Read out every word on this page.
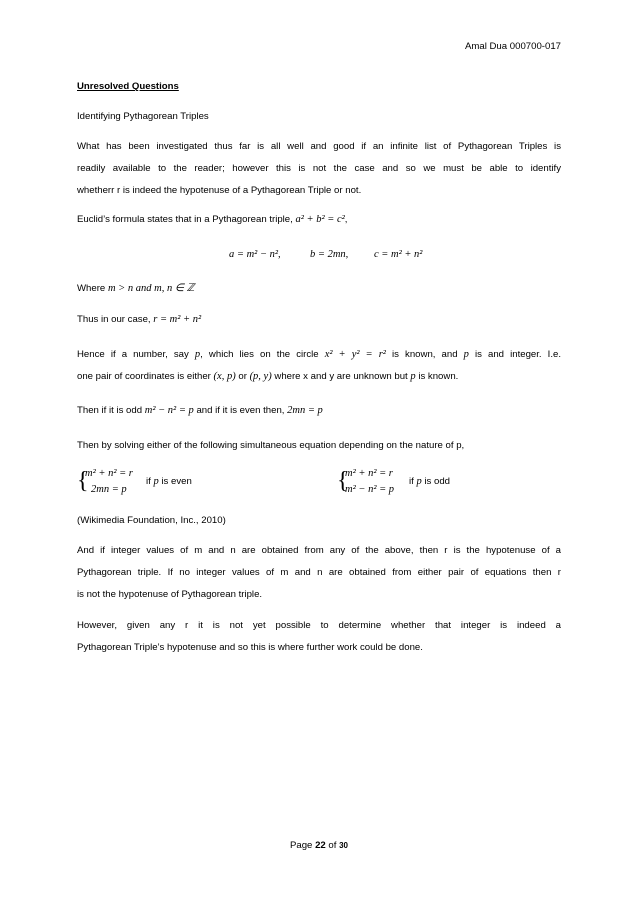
Amal Dua 000700-017
Unresolved Questions
Identifying Pythagorean Triples
What has been investigated thus far is all well and good if an infinite list of Pythagorean Triples is
readily available to the reader; however this is not the case and so we must be able to identify
whetherr r is indeed the hypotenuse of a Pythagorean Triple or not.
Euclid’s formula states that in a Pythagorean triple, a² + b² = c²,
a = m² − n²,	b = 2mn, c = m² + n²
Where m > n and m, n ∈ ℤ
Thus in our case, r = m² + n²
Hence if a number, say p, which lies on the circle x² + y² = r² is known, and p is and integer. I.e.
one pair of coordinates is either (x, p) or (p, y) where x and y are unknown but p is known.
Then if it is odd m² − n² = p and if it is even then, 2mn = p
Then by solving either of the following simultaneous equation depending on the nature of p,
{
m² + n² = r
2mn = p
if p is even	{
m² + n² = r
m² − n² = p
if p is odd
(Wikimedia Foundation, Inc., 2010)
And if integer values of m and n are obtained from any of the above, then r is the hypotenuse of a
Pythagorean triple. If no integer values of m and n are obtained from either pair of equations then r
is not the hypotenuse of Pythagorean triple.
However, given any r it is not yet possible to determine whether that integer is indeed a
Pythagorean Triple’s hypotenuse and so this is where further work could be done.
Page 22 of 30
